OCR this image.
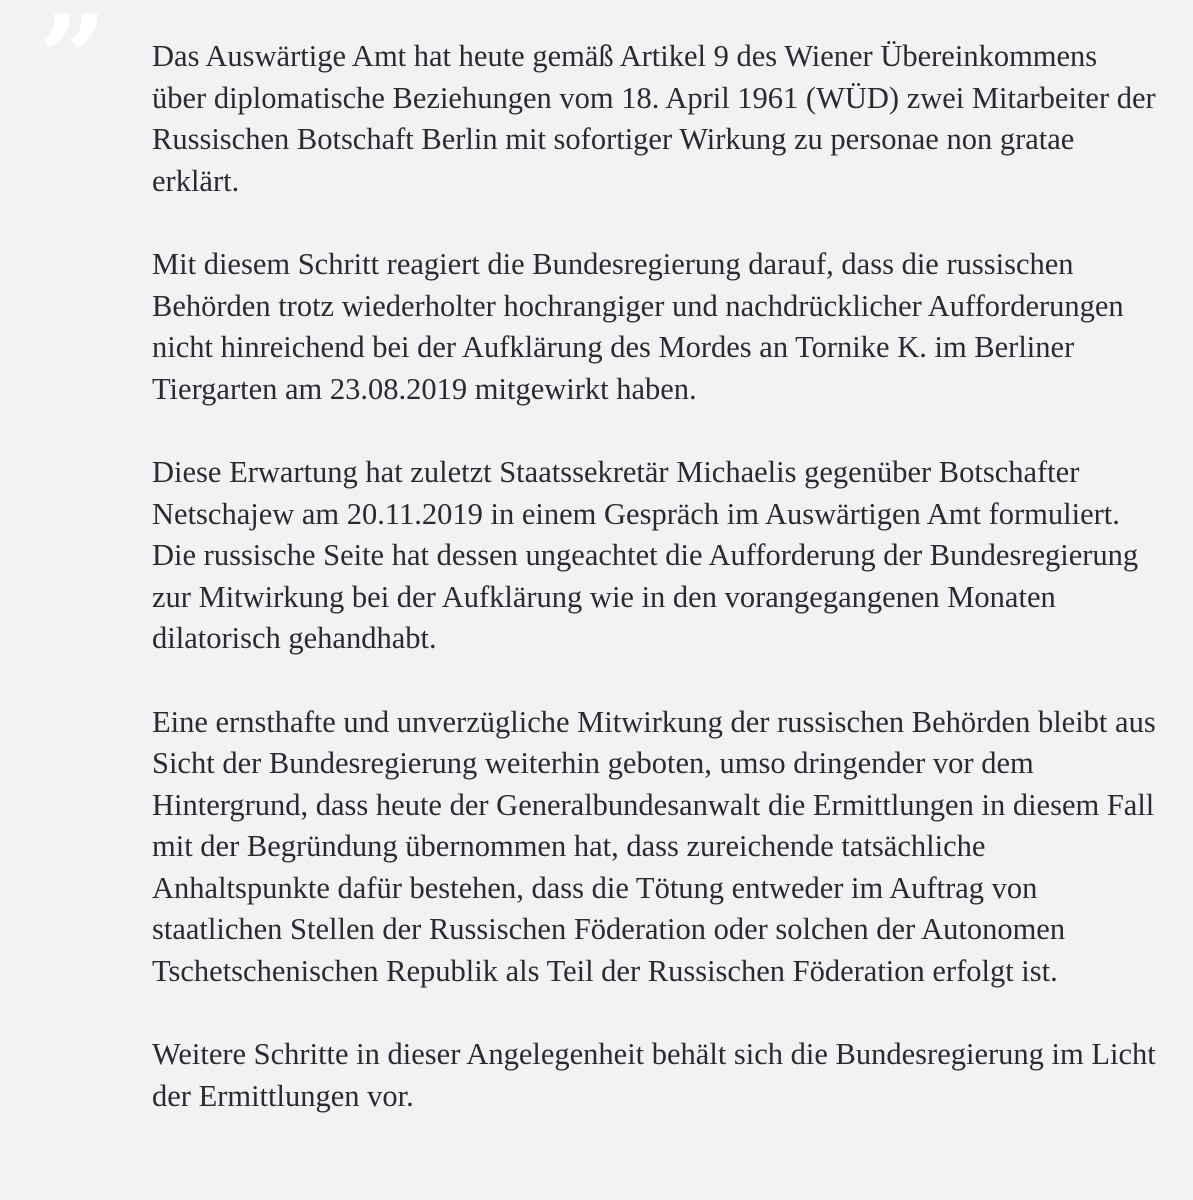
” Das Auswärtige Amt hat heute gemäß Artikel 9 des Wiener Übereinkommens über diplomatische Beziehungen vom 18. April 1961 (WÜD) zwei Mitarbeiter der Russischen Botschaft Berlin mit sofortiger Wirkung zu personae non gratae erklärt.

Mit diesem Schritt reagiert die Bundesregierung darauf, dass die russischen Behörden trotz wiederholter hochrangiger und nachdrücklicher Aufforderungen nicht hinreichend bei der Aufklärung des Mordes an Tornike K. im Berliner Tiergarten am 23.08.2019 mitgewirkt haben.

Diese Erwartung hat zuletzt Staatssekretär Michaelis gegenüber Botschafter Netschajew am 20.11.2019 in einem Gespräch im Auswärtigen Amt formuliert. Die russische Seite hat dessen ungeachtet die Aufforderung der Bundesregierung zur Mitwirkung bei der Aufklärung wie in den vorangegangenen Monaten dilatorisch gehandhabt.

Eine ernsthafte und unverzügliche Mitwirkung der russischen Behörden bleibt aus Sicht der Bundesregierung weiterhin geboten, umso dringender vor dem Hintergrund, dass heute der Generalbundesanwalt die Ermittlungen in diesem Fall mit der Begründung übernommen hat, dass zureichende tatsächliche Anhaltspunkte dafür bestehen, dass die Tötung entweder im Auftrag von staatlichen Stellen der Russischen Föderation oder solchen der Autonomen Tschetschenischen Republik als Teil der Russischen Föderation erfolgt ist.

Weitere Schritte in dieser Angelegenheit behält sich die Bundesregierung im Licht der Ermittlungen vor.
